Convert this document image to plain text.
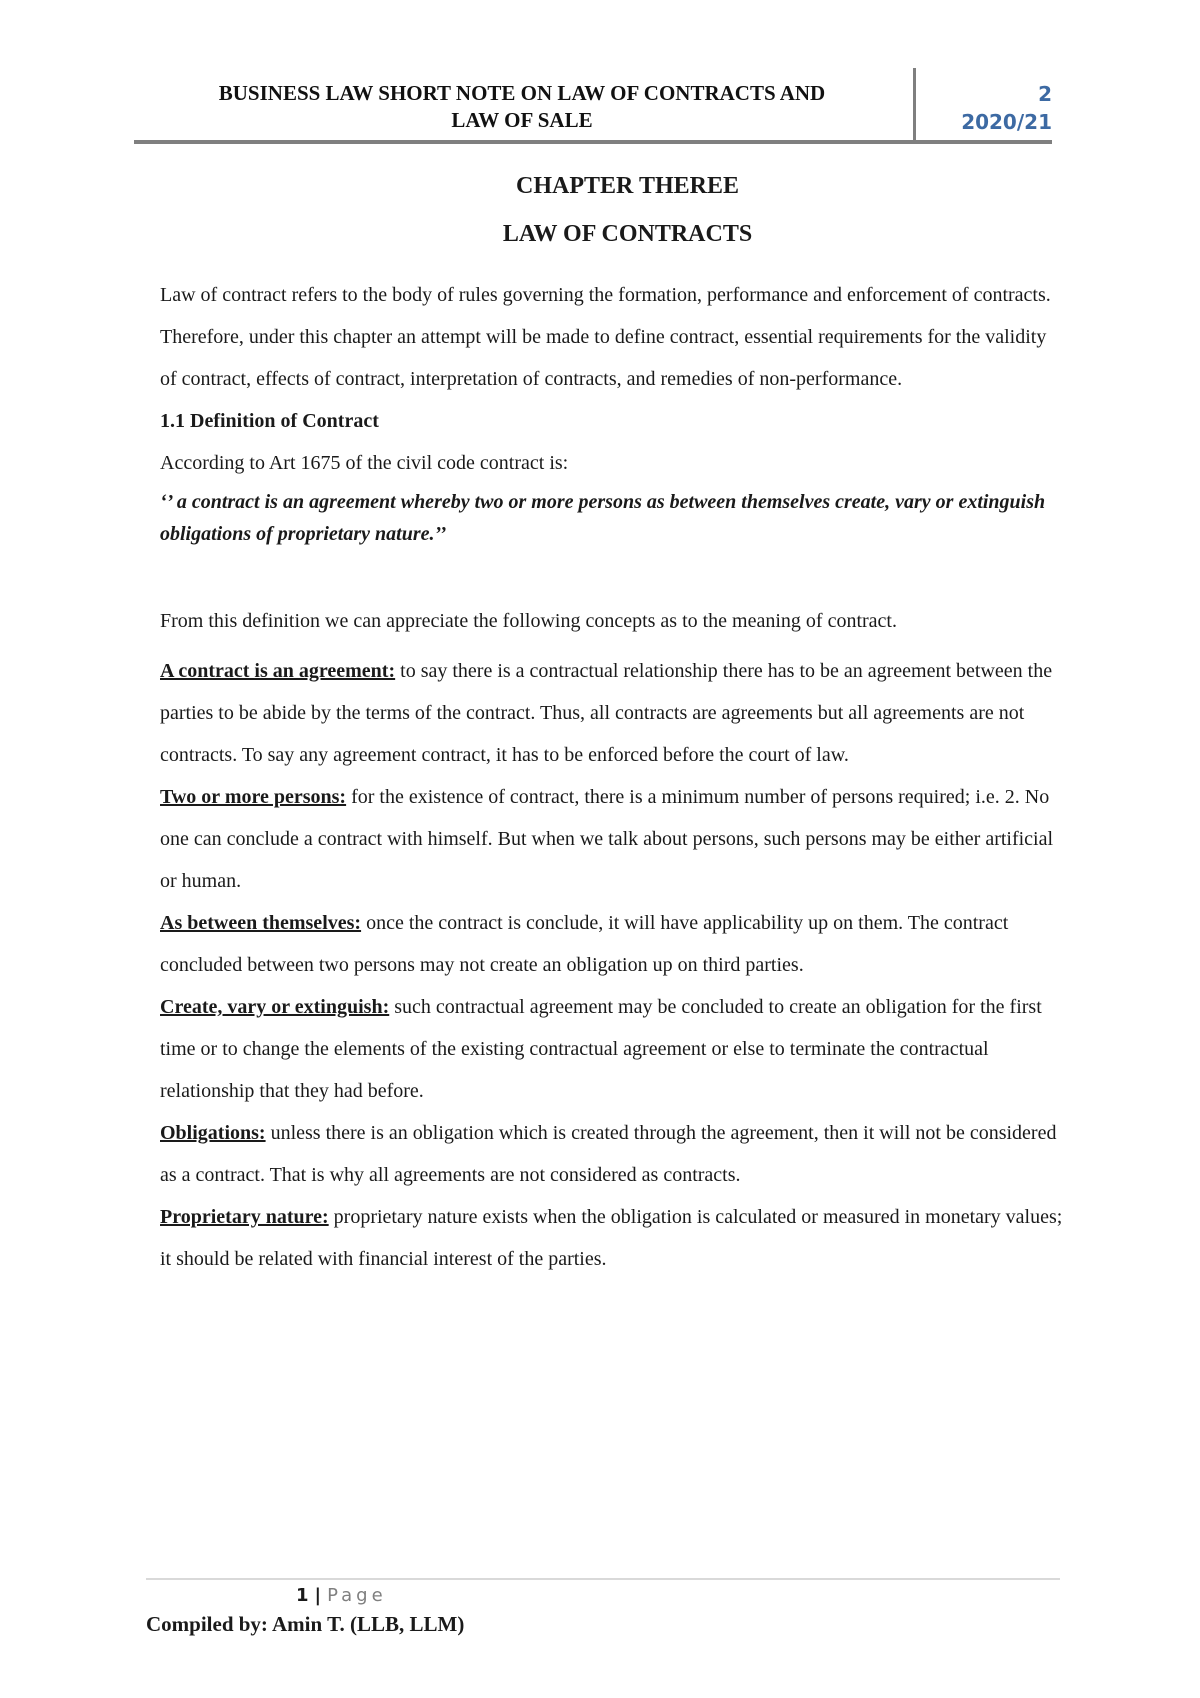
BUSINESS LAW SHORT NOTE ON LAW OF CONTRACTS AND
LAW OF SALE
2
2020/21
CHAPTER THEREE
LAW OF CONTRACTS

Law of contract refers to the body of rules governing the formation, performance and enforcement of contracts. Therefore, under this chapter an attempt will be made to define contract, essential requirements for the validity of contract, effects of contract, interpretation of contracts, and remedies of non-performance.

1.1 Definition of Contract

According to Art 1675 of the civil code contract is:

‘’ a contract is an agreement whereby two or more persons as between themselves create, vary or extinguish obligations of proprietary nature.’’

From this definition we can appreciate the following concepts as to the meaning of contract.

A contract is an agreement: to say there is a contractual relationship there has to be an agreement between the parties to be abide by the terms of the contract. Thus, all contracts are agreements but all agreements are not contracts. To say any agreement contract, it has to be enforced before the court of law.

Two or more persons: for the existence of contract, there is a minimum number of persons required; i.e. 2. No one can conclude a contract with himself. But when we talk about persons, such persons may be either artificial or human.

As between themselves: once the contract is conclude, it will have applicability up on them. The contract concluded between two persons may not create an obligation up on third parties.

Create, vary or extinguish: such contractual agreement may be concluded to create an obligation for the first time or to change the elements of the existing contractual agreement or else to terminate the contractual relationship that they had before.

Obligations: unless there is an obligation which is created through the agreement, then it will not be considered as a contract. That is why all agreements are not considered as contracts.

Proprietary nature: proprietary nature exists when the obligation is calculated or measured in monetary values; it should be related with financial interest of the parties.

1 | Page
Compiled by: Amin T. (LLB, LLM)
